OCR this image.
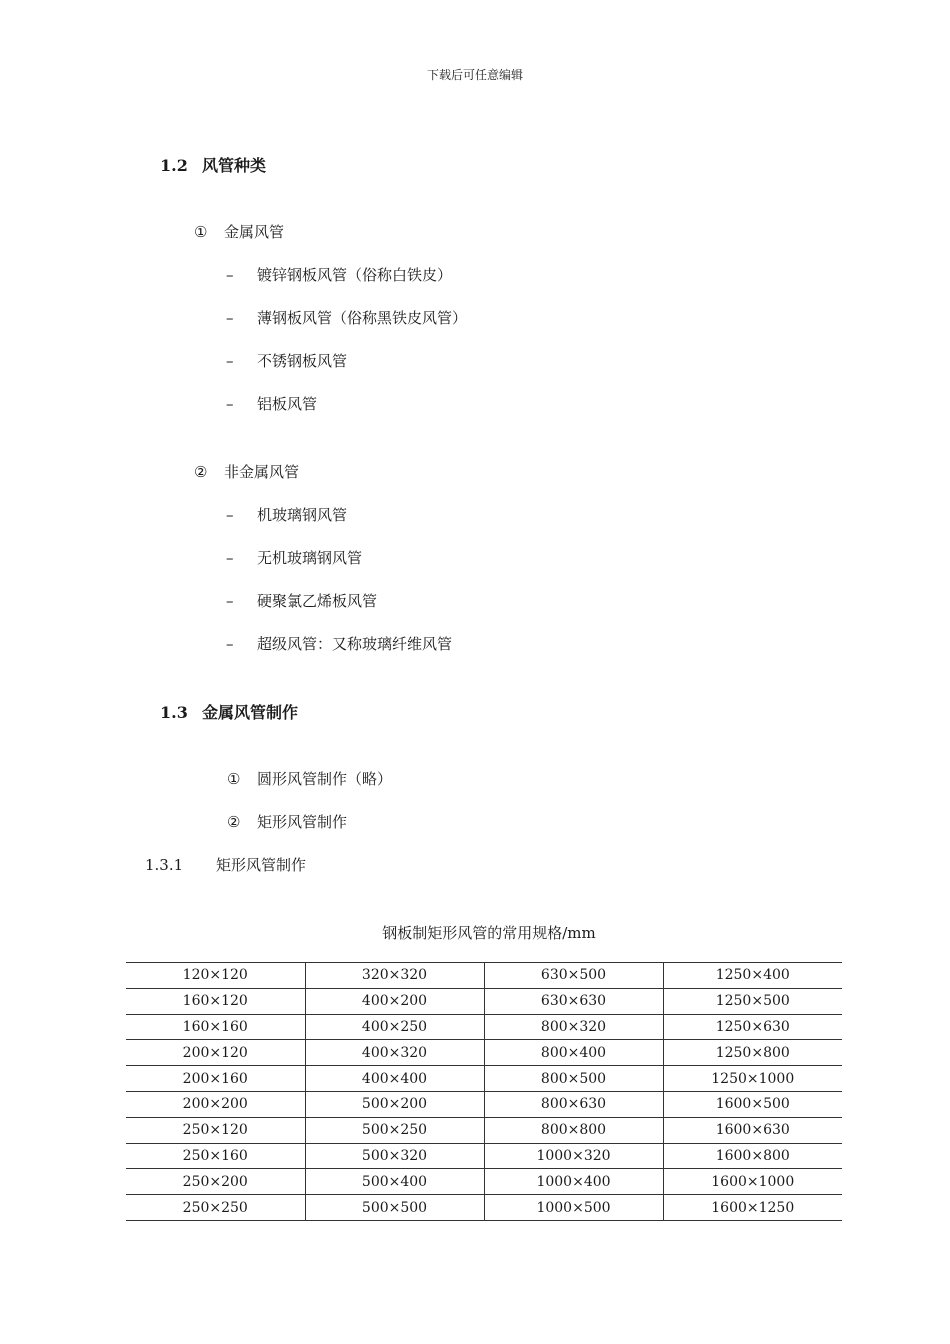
下载后可任意编辑
1.2 风管种类
① 金属风管
– 镀锌钢板风管（俗称白铁皮）
– 薄钢板风管（俗称黑铁皮风管）
– 不锈钢板风管
– 铝板风管
② 非金属风管
– 机玻璃钢风管
– 无机玻璃钢风管
– 硬聚氯乙烯板风管
– 超级风管：又称玻璃纤维风管
1.3 金属风管制作
① 圆形风管制作（略）
② 矩形风管制作
1.3.1 矩形风管制作
钢板制矩形风管的常用规格/mm
120×120	320×320	630×500	1250×400
160×120	400×200	630×630	1250×500
160×160	400×250	800×320	1250×630
200×120	400×320	800×400	1250×800
200×160	400×400	800×500	1250×1000
200×200	500×200	800×630	1600×500
250×120	500×250	800×800	1600×630
250×160	500×320	1000×320	1600×800
250×200	500×400	1000×400	1600×1000
250×250	500×500	1000×500	1600×1250
